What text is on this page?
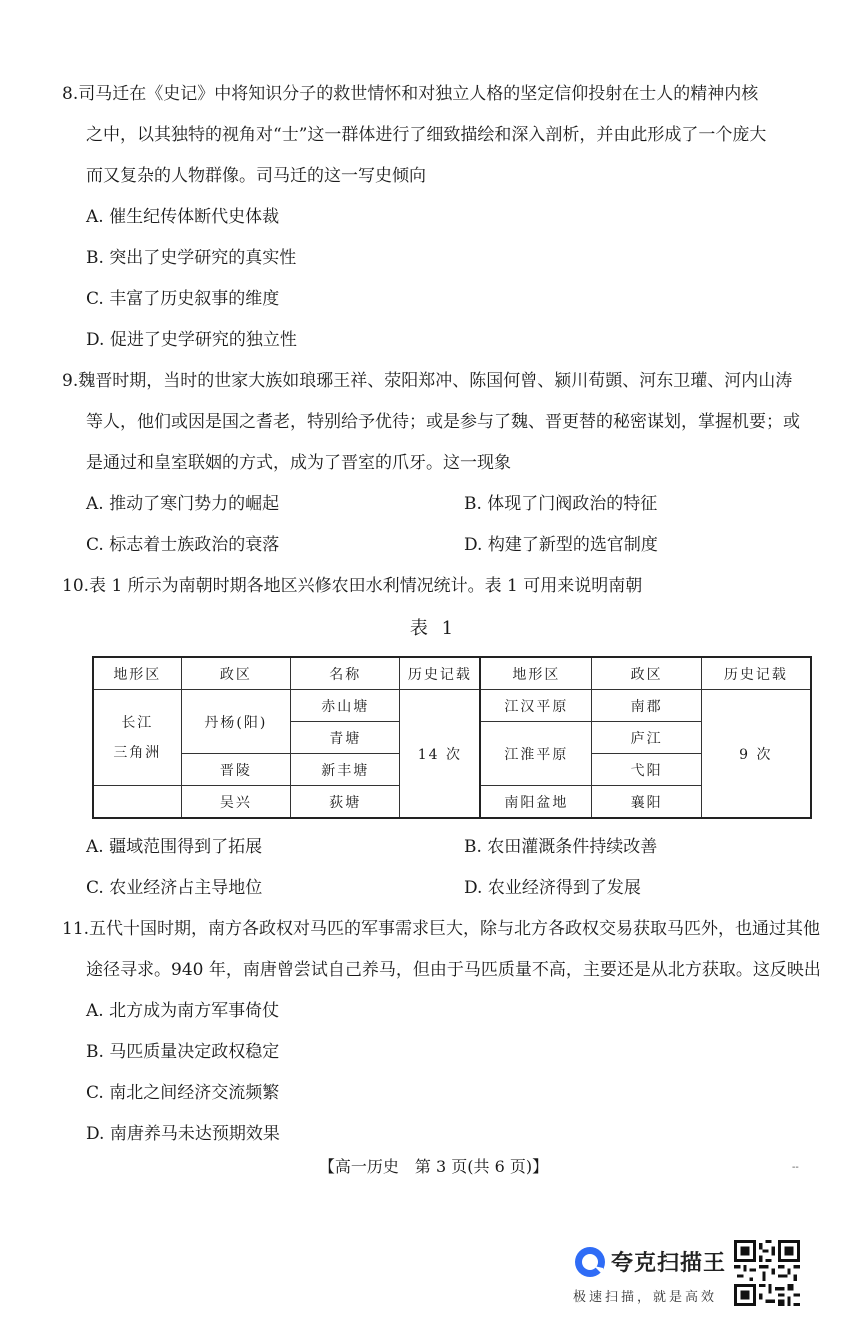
8.司马迁在《史记》中将知识分子的救世情怀和对独立人格的坚定信仰投射在士人的精神内核
之中，以其独特的视角对“士”这一群体进行了细致描绘和深入剖析，并由此形成了一个庞大
而又复杂的人物群像。司马迁的这一写史倾向
A. 催生纪传体断代史体裁
B. 突出了史学研究的真实性
C. 丰富了历史叙事的维度
D. 促进了史学研究的独立性
9.魏晋时期，当时的世家大族如琅琊王祥、荥阳郑冲、陈国何曾、颍川荀顗、河东卫瓘、河内山涛
等人，他们或因是国之耆老，特别给予优待；或是参与了魏、晋更替的秘密谋划，掌握机要；或
是通过和皇室联姻的方式，成为了晋室的爪牙。这一现象
A. 推动了寒门势力的崛起	B. 体现了门阀政治的特征
C. 标志着士族政治的衰落	D. 构建了新型的选官制度
10.表 1 所示为南朝时期各地区兴修农田水利情况统计。表 1 可用来说明南朝
表 1
地形区	政区	名称	历史记载	地形区	政区	历史记载

长江
三角洲	丹杨(阳)	赤山塘	14 次	江汉平原	南郡	9 次
		青塘		江淮平原	庐江	
	晋陵	新丰塘			弋阳	
	吴兴	荻塘		南阳盆地	襄阳	
A. 疆域范围得到了拓展	B. 农田灌溉条件持续改善
C. 农业经济占主导地位	D. 农业经济得到了发展
11.五代十国时期，南方各政权对马匹的军事需求巨大，除与北方各政权交易获取马匹外，也通过其他
途径寻求。940 年，南唐曾尝试自己养马，但由于马匹质量不高，主要还是从北方获取。这反映出
A. 北方成为南方军事倚仗
B. 马匹质量决定政权稳定
C. 南北之间经济交流频繁
D. 南唐养马未达预期效果
【高一历史　第 3 页(共 6 页)】	--
夸克扫描王
极速扫描，就是高效
